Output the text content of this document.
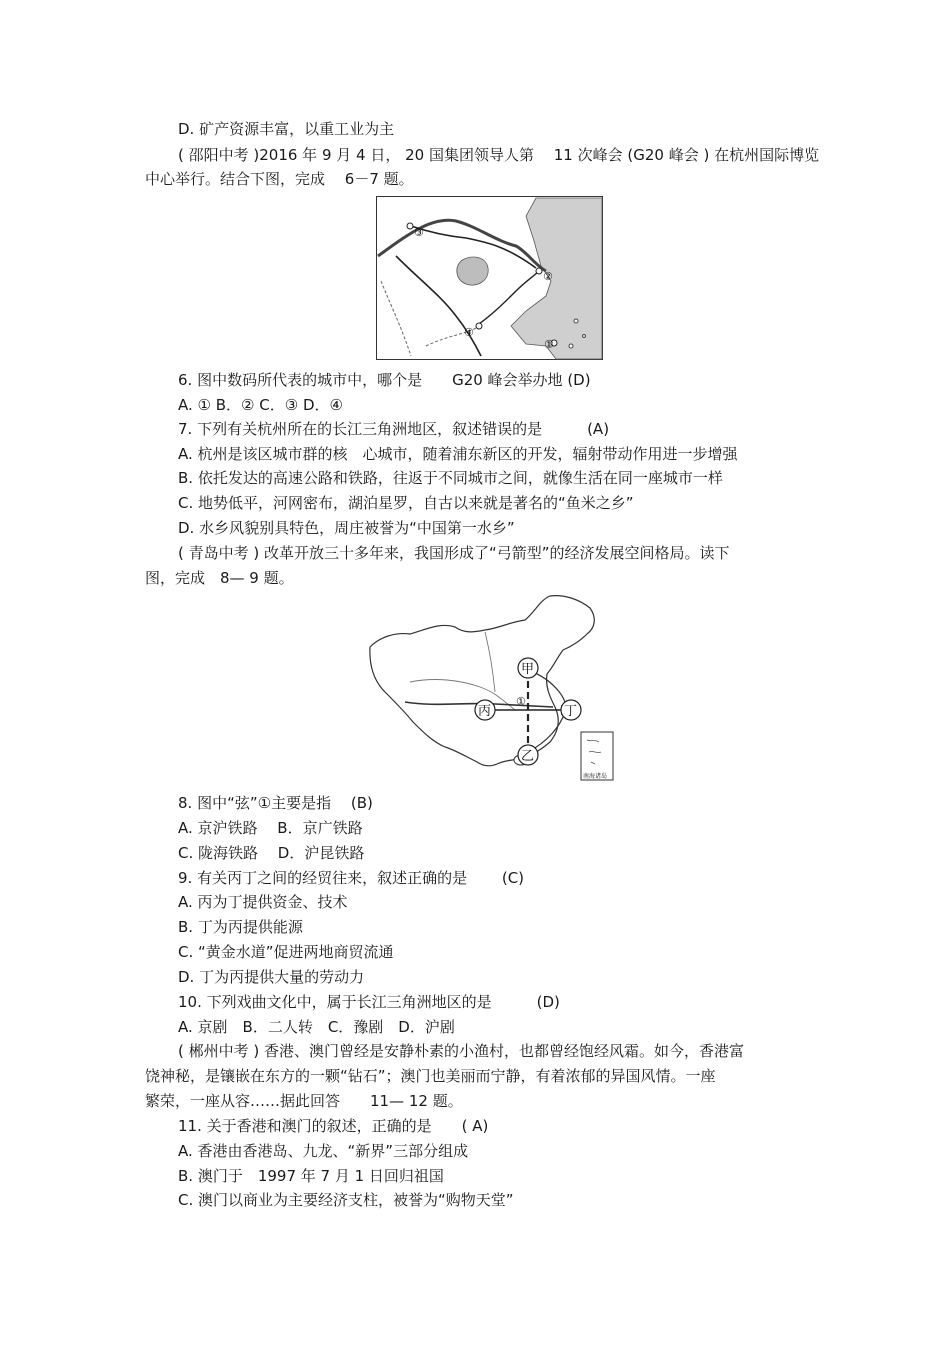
D. 矿产资源丰富，以重工业为主
( 邵阳中考 )2016 年 9 月 4 日， 20 国集团领导人第　 11 次峰会 (G20 峰会 ) 在杭州国际博览
中心举行。结合下图，完成　 6－7 题。
③
②
④
①
6. 图中数码所代表的城市中，哪个是　　G20 峰会举办地 (D)
A. ① B．② C．③ D．④
7. 下列有关杭州所在的长江三角洲地区，叙述错误的是　　　(A)
A. 杭州是该区城市群的核　心城市，随着浦东新区的开发，辐射带动作用进一步增强
B. 依托发达的高速公路和铁路，往返于不同城市之间，就像生活在同一座城市一样
C. 地势低平，河网密布，湖泊星罗，自古以来就是著名的“鱼米之乡”
D. 水乡风貌别具特色，周庄被誉为“中国第一水乡”
( 青岛中考 ) 改革开放三十多年来，我国形成了“弓箭型”的经济发展空间格局。读下
图，完成　8— 9 题。
甲
乙
丙	丁
①
南海诸岛
8. 图中“弦”①主要是指　 (B)
A. 京沪铁路　 B．京广铁路
C. 陇海铁路　 D．沪昆铁路
9. 有关丙丁之间的经贸往来，叙述正确的是　　 (C)
A. 丙为丁提供资金、技术
B. 丁为丙提供能源
C. “黄金水道”促进两地商贸流通
D. 丁为丙提供大量的劳动力
10. 下列戏曲文化中，属于长江三角洲地区的是　　　(D)
A. 京剧　B．二人转　C．豫剧　D．沪剧
( 郴州中考 ) 香港、澳门曾经是安静朴素的小渔村，也都曾经饱经风霜。如今，香港富
饶神秘，是镶嵌在东方的一颗“钻石”；澳门也美丽而宁静，有着浓郁的异国风情。一座
繁荣，一座从容……据此回答　　11— 12 题。
11. 关于香港和澳门的叙述，正确的是　　( A)
A. 香港由香港岛、九龙、“新界”三部分组成
B. 澳门于　1997 年 7 月 1 日回归祖国
C. 澳门以商业为主要经济支柱，被誉为“购物天堂”
